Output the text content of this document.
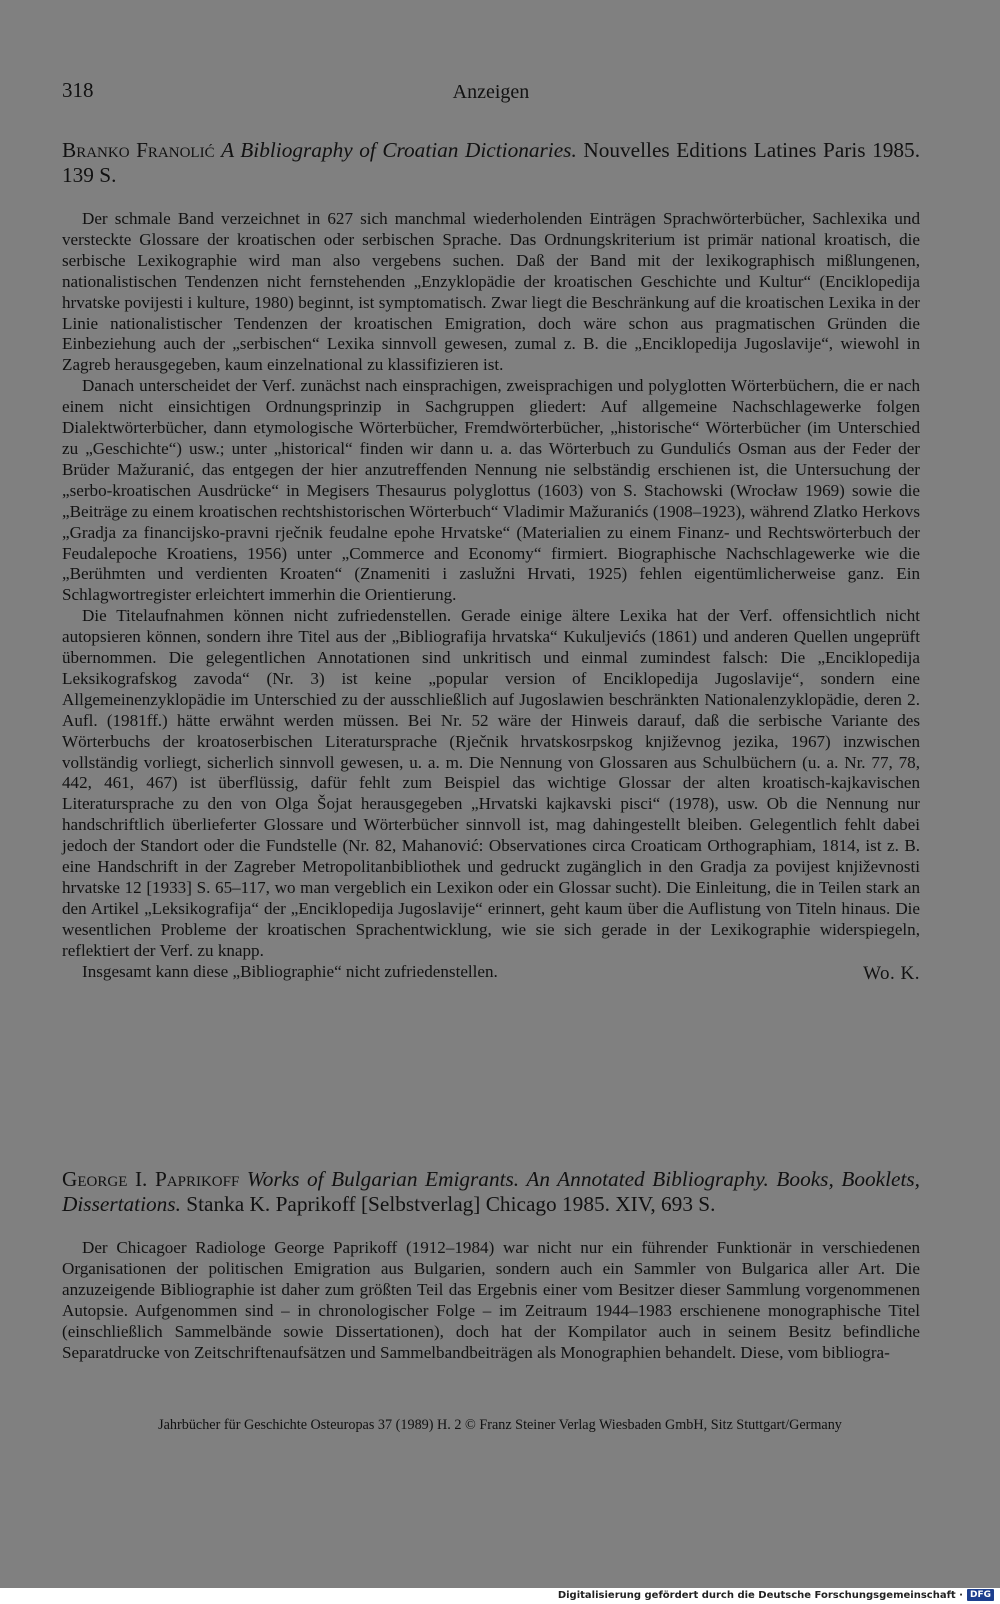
318	Anzeigen

Branko Franolić A Bibliography of Croatian Dictionaries. Nouvelles Editions Latines Paris 1985. 139 S.

Der schmale Band verzeichnet in 627 sich manchmal wiederholenden Einträgen Sprachwörterbücher, Sachlexika und versteckte Glossare der kroatischen oder serbischen Sprache. Das Ordnungskriterium ist primär national kroatisch, die serbische Lexikographie wird man also vergebens suchen. Daß der Band mit der lexikographisch mißlungenen, nationalistischen Tendenzen nicht fernstehenden „Enzyklopädie der kroatischen Geschichte und Kultur“ (Enciklopedija hrvatske povijesti i kulture, 1980) beginnt, ist symptomatisch. Zwar liegt die Beschränkung auf die kroatischen Lexika in der Linie nationalistischer Tendenzen der kroatischen Emigration, doch wäre schon aus pragmatischen Gründen die Einbeziehung auch der „serbischen“ Lexika sinnvoll gewesen, zumal z. B. die „Enciklopedija Jugoslavije“, wiewohl in Zagreb herausgegeben, kaum einzelnational zu klassifizieren ist.

Danach unterscheidet der Verf. zunächst nach einsprachigen, zweisprachigen und polyglotten Wörterbüchern, die er nach einem nicht einsichtigen Ordnungsprinzip in Sachgruppen gliedert: Auf allgemeine Nachschlagewerke folgen Dialektwörterbücher, dann etymologische Wörterbücher, Fremdwörterbücher, „historische“ Wörterbücher (im Unterschied zu „Geschichte“) usw.; unter „historical“ finden wir dann u. a. das Wörterbuch zu Gundulićs Osman aus der Feder der Brüder Mažuranić, das entgegen der hier anzutreffenden Nennung nie selbständig erschienen ist, die Untersuchung der „serbo-kroatischen Ausdrücke“ in Megisers Thesaurus polyglottus (1603) von S. Stachowski (Wrocław 1969) sowie die „Beiträge zu einem kroatischen rechtshistorischen Wörterbuch“ Vladimir Mažuranićs (1908–1923), während Zlatko Herkovs „Gradja za financijsko-pravni rječnik feudalne epohe Hrvatske“ (Materialien zu einem Finanz- und Rechtswörterbuch der Feudalepoche Kroatiens, 1956) unter „Commerce and Economy“ firmiert. Biographische Nachschlagewerke wie die „Berühmten und verdienten Kroaten“ (Znameniti i zaslužni Hrvati, 1925) fehlen eigentümlicherweise ganz. Ein Schlagwortregister erleichtert immerhin die Orientierung.

Die Titelaufnahmen können nicht zufriedenstellen. Gerade einige ältere Lexika hat der Verf. offensichtlich nicht autopsieren können, sondern ihre Titel aus der „Bibliografija hrvatska“ Kukuljevićs (1861) und anderen Quellen ungeprüft übernommen. Die gelegentlichen Annotationen sind unkritisch und einmal zumindest falsch: Die „Enciklopedija Leksikografskog zavoda“ (Nr. 3) ist keine „popular version of Enciklopedija Jugoslavije“, sondern eine Allgemeinenzyklopädie im Unterschied zu der ausschließlich auf Jugoslawien beschränkten Nationalenzyklopädie, deren 2. Aufl. (1981ff.) hätte erwähnt werden müssen. Bei Nr. 52 wäre der Hinweis darauf, daß die serbische Variante des Wörterbuchs der kroatoserbischen Literatursprache (Rječnik hrvatskosrpskog književnog jezika, 1967) inzwischen vollständig vorliegt, sicherlich sinnvoll gewesen, u. a. m. Die Nennung von Glossaren aus Schulbüchern (u. a. Nr. 77, 78, 442, 461, 467) ist überflüssig, dafür fehlt zum Beispiel das wichtige Glossar der alten kroatisch-kajkavischen Literatursprache zu den von Olga Šojat herausgegeben „Hrvatski kajkavski pisci“ (1978), usw. Ob die Nennung nur handschriftlich überlieferter Glossare und Wörterbücher sinnvoll ist, mag dahingestellt bleiben. Gelegentlich fehlt dabei jedoch der Standort oder die Fundstelle (Nr. 82, Mahanović: Observationes circa Croaticam Orthographiam, 1814, ist z. B. eine Handschrift in der Zagreber Metropolitanbibliothek und gedruckt zugänglich in den Gradja za povijest književnosti hrvatske 12 [1933] S. 65–117, wo man vergeblich ein Lexikon oder ein Glossar sucht). Die Einleitung, die in Teilen stark an den Artikel „Leksikografija“ der „Enciklopedija Jugoslavije“ erinnert, geht kaum über die Auflistung von Titeln hinaus. Die wesentlichen Probleme der kroatischen Sprachentwicklung, wie sie sich gerade in der Lexikographie widerspiegeln, reflektiert der Verf. zu knapp.

Insgesamt kann diese „Bibliographie“ nicht zufriedenstellen.	Wo. K.

George I. Paprikoff Works of Bulgarian Emigrants. An Annotated Bibliography. Books, Booklets, Dissertations. Stanka K. Paprikoff [Selbstverlag] Chicago 1985. XIV, 693 S.

Der Chicagoer Radiologe George Paprikoff (1912–1984) war nicht nur ein führender Funktionär in verschiedenen Organisationen der politischen Emigration aus Bulgarien, sondern auch ein Sammler von Bulgarica aller Art. Die anzuzeigende Bibliographie ist daher zum größten Teil das Ergebnis einer vom Besitzer dieser Sammlung vorgenommenen Autopsie. Aufgenommen sind – in chronologischer Folge – im Zeitraum 1944–1983 erschienene monographische Titel (einschließlich Sammelbände sowie Dissertationen), doch hat der Kompilator auch in seinem Besitz befindliche Separatdrucke von Zeitschriftenaufsätzen und Sammelbandbeiträgen als Monographien behandelt. Diese, vom bibliogra-

Jahrbücher für Geschichte Osteuropas 37 (1989) H. 2 © Franz Steiner Verlag Wiesbaden GmbH, Sitz Stuttgart/Germany
Digitalisierung gefördert durch die Deutsche Forschungsgemeinschaft · DFG
